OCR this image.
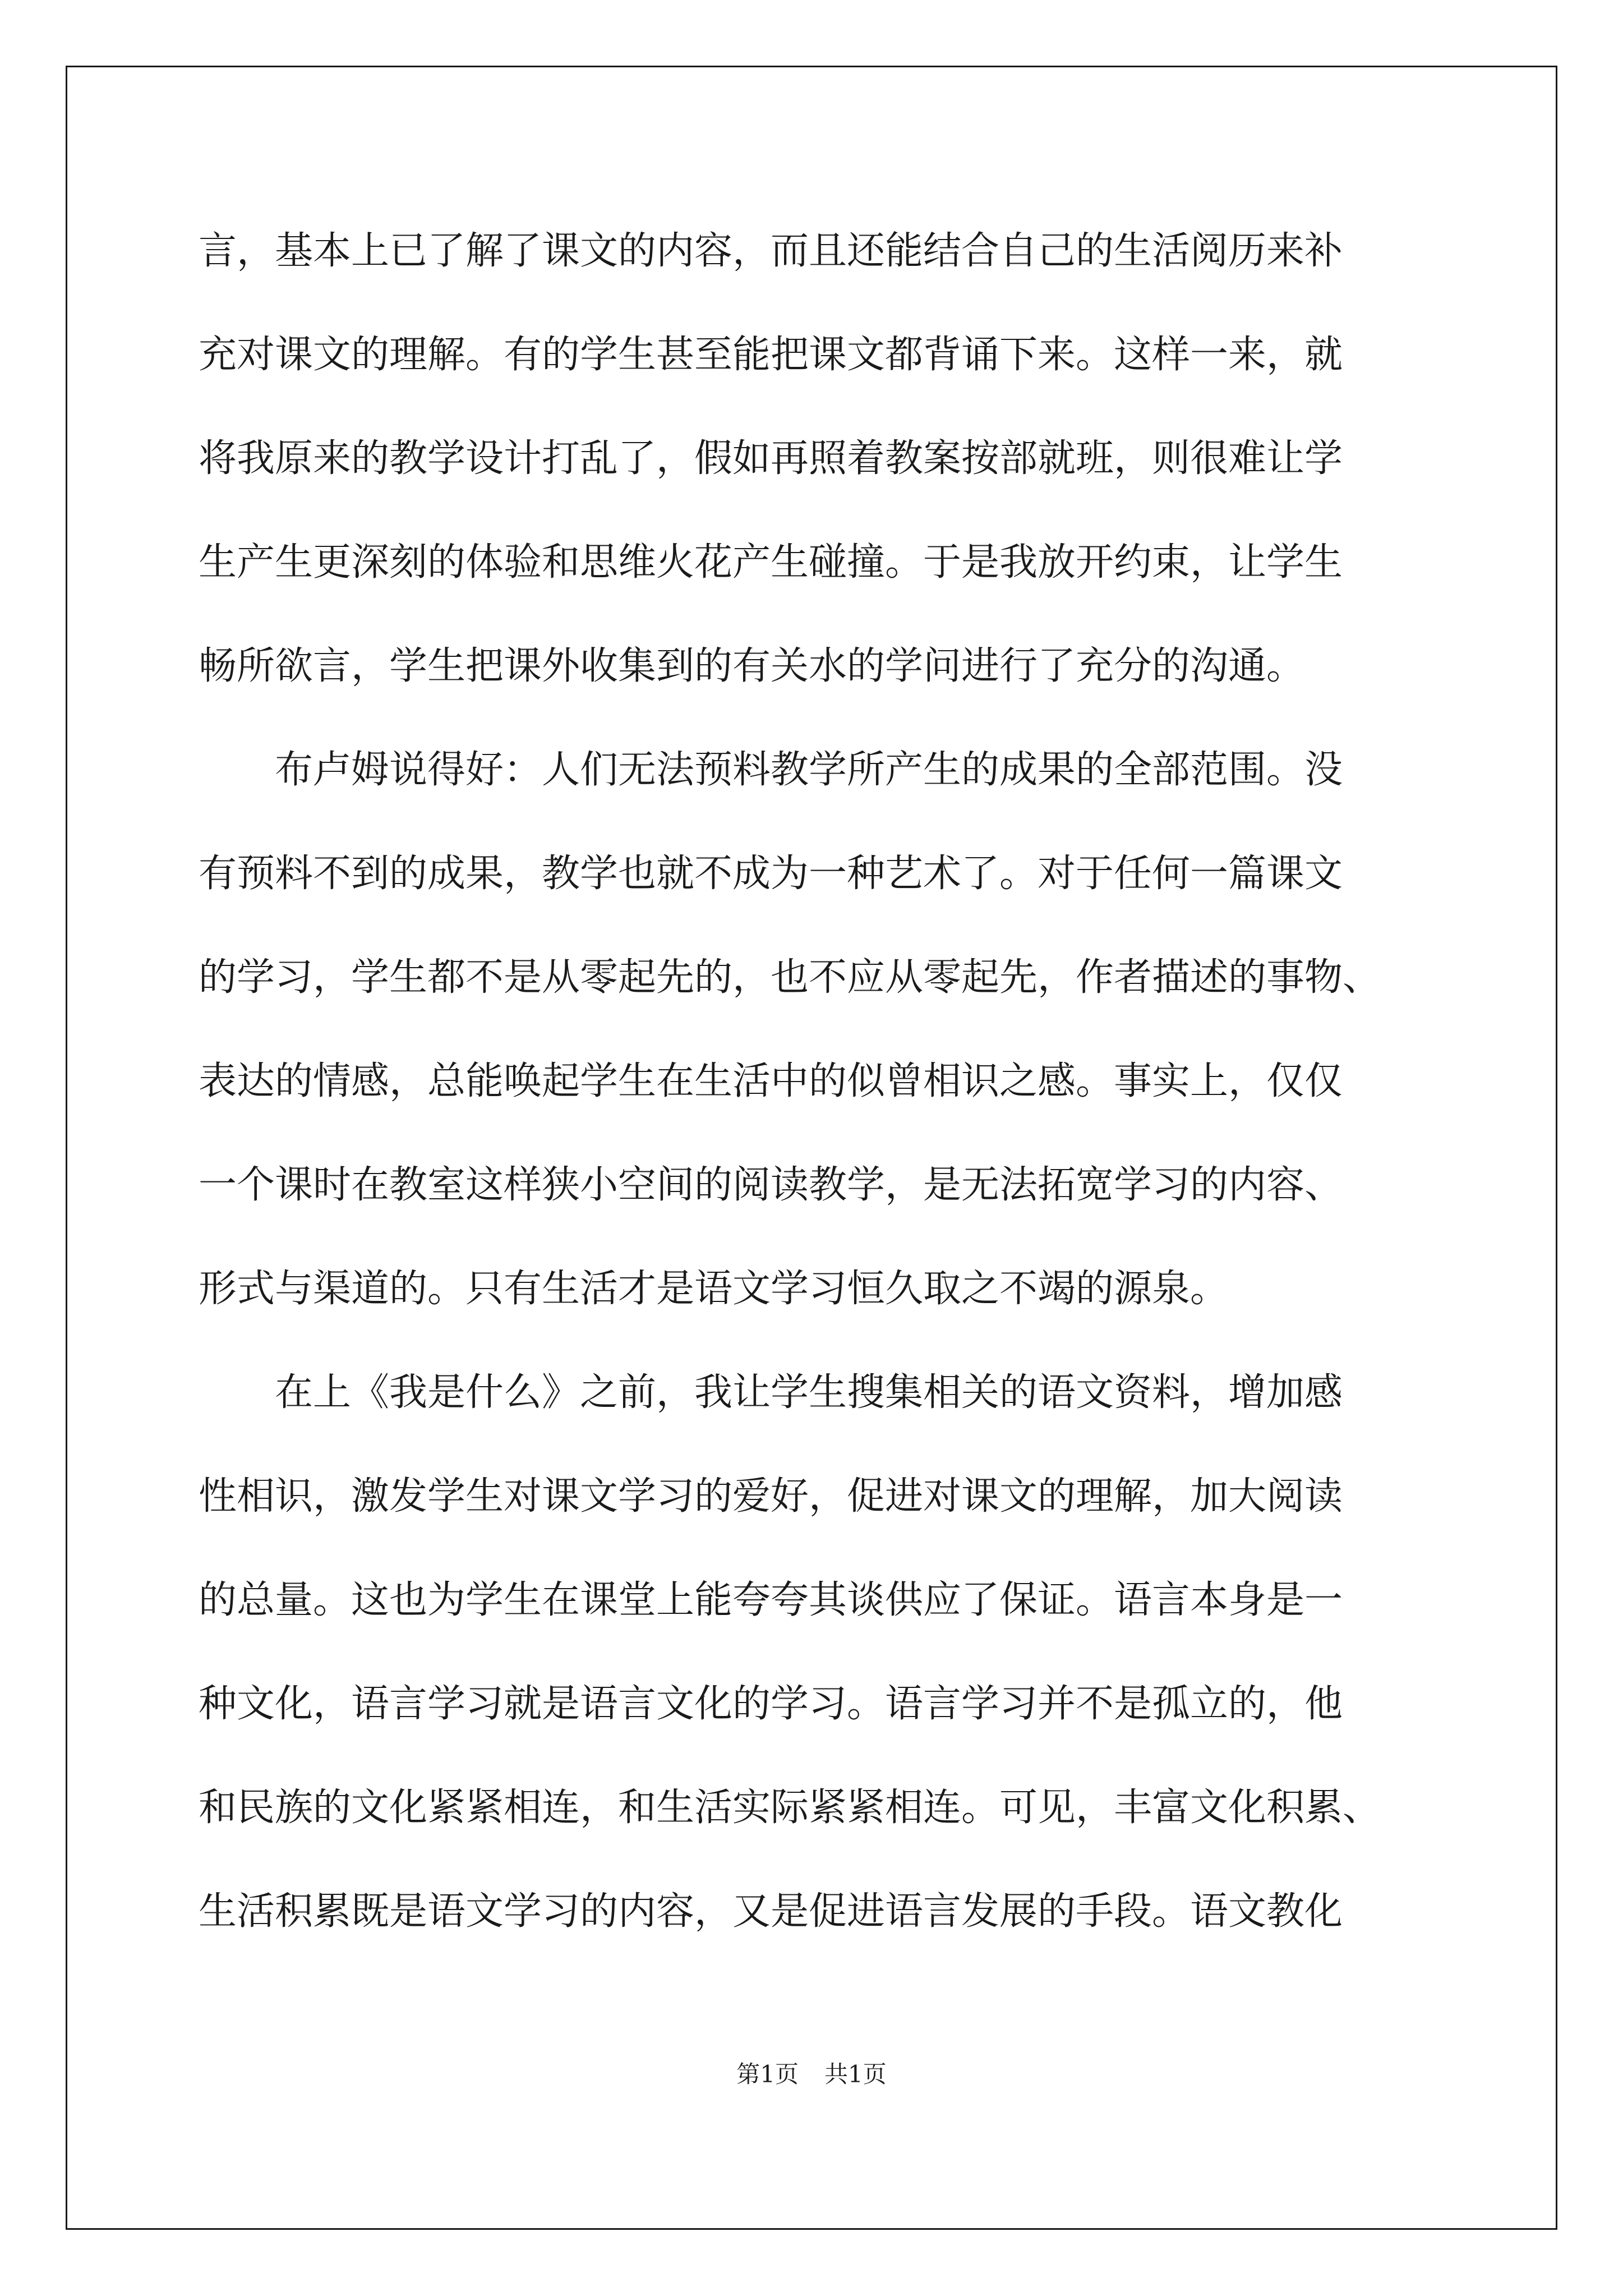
言，基本上已了解了课文的内容，而且还能结合自己的生活阅历来补
充对课文的理解。有的学生甚至能把课文都背诵下来。这样一来，就
将我原来的教学设计打乱了，假如再照着教案按部就班，则很难让学
生产生更深刻的体验和思维火花产生碰撞。于是我放开约束，让学生
畅所欲言，学生把课外收集到的有关水的学问进行了充分的沟通。
布卢姆说得好：人们无法预料教学所产生的成果的全部范围。没
有预料不到的成果，教学也就不成为一种艺术了。对于任何一篇课文
的学习，学生都不是从零起先的，也不应从零起先，作者描述的事物、
表达的情感，总能唤起学生在生活中的似曾相识之感。事实上，仅仅
一个课时在教室这样狭小空间的阅读教学，是无法拓宽学习的内容、
形式与渠道的。只有生活才是语文学习恒久取之不竭的源泉。
在上《我是什么》之前，我让学生搜集相关的语文资料，增加感
性相识，激发学生对课文学习的爱好，促进对课文的理解，加大阅读
的总量。这也为学生在课堂上能夸夸其谈供应了保证。语言本身是一
种文化，语言学习就是语言文化的学习。语言学习并不是孤立的，他
和民族的文化紧紧相连，和生活实际紧紧相连。可见，丰富文化积累、
生活积累既是语文学习的内容，又是促进语言发展的手段。语文教化
第1页 共1页
